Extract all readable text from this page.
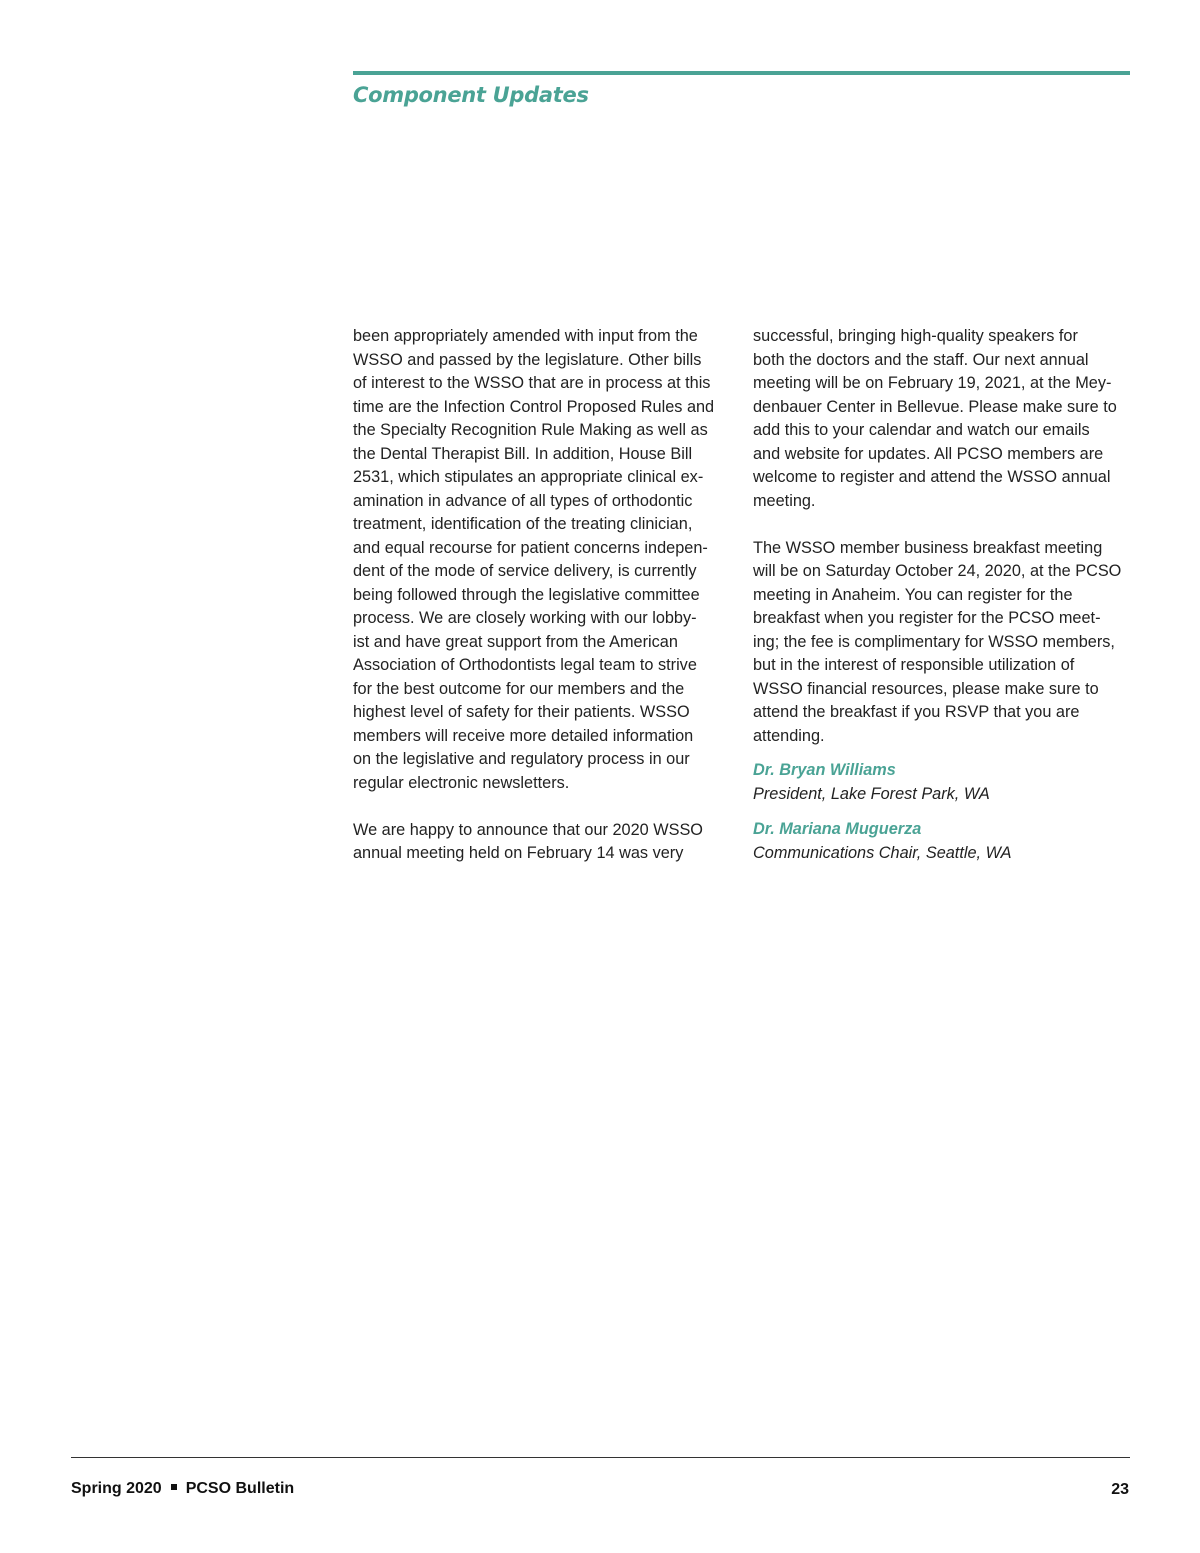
Component Updates

been appropriately amended with input from the
WSSO and passed by the legislature. Other bills
of interest to the WSSO that are in process at this
time are the Infection Control Proposed Rules and
the Specialty Recognition Rule Making as well as
the Dental Therapist Bill. In addition, House Bill
2531, which stipulates an appropriate clinical ex-
amination in advance of all types of orthodontic
treatment, identification of the treating clinician,
and equal recourse for patient concerns indepen-
dent of the mode of service delivery, is currently
being followed through the legislative committee
process. We are closely working with our lobby-
ist and have great support from the American
Association of Orthodontists legal team to strive
for the best outcome for our members and the
highest level of safety for their patients. WSSO
members will receive more detailed information
on the legislative and regulatory process in our
regular electronic newsletters.

We are happy to announce that our 2020 WSSO
annual meeting held on February 14 was very

successful, bringing high-quality speakers for
both the doctors and the staff. Our next annual
meeting will be on February 19, 2021, at the Mey-
denbauer Center in Bellevue. Please make sure to
add this to your calendar and watch our emails
and website for updates. All PCSO members are
welcome to register and attend the WSSO annual
meeting.

The WSSO member business breakfast meeting
will be on Saturday October 24, 2020, at the PCSO
meeting in Anaheim. You can register for the
breakfast when you register for the PCSO meet-
ing; the fee is complimentary for WSSO members,
but in the interest of responsible utilization of
WSSO financial resources, please make sure to
attend the breakfast if you RSVP that you are
attending.

Dr. Bryan Williams
President, Lake Forest Park, WA
Dr. Mariana Muguerza
Communications Chair, Seattle, WA
Spring 2020 PCSO Bulletin	23
